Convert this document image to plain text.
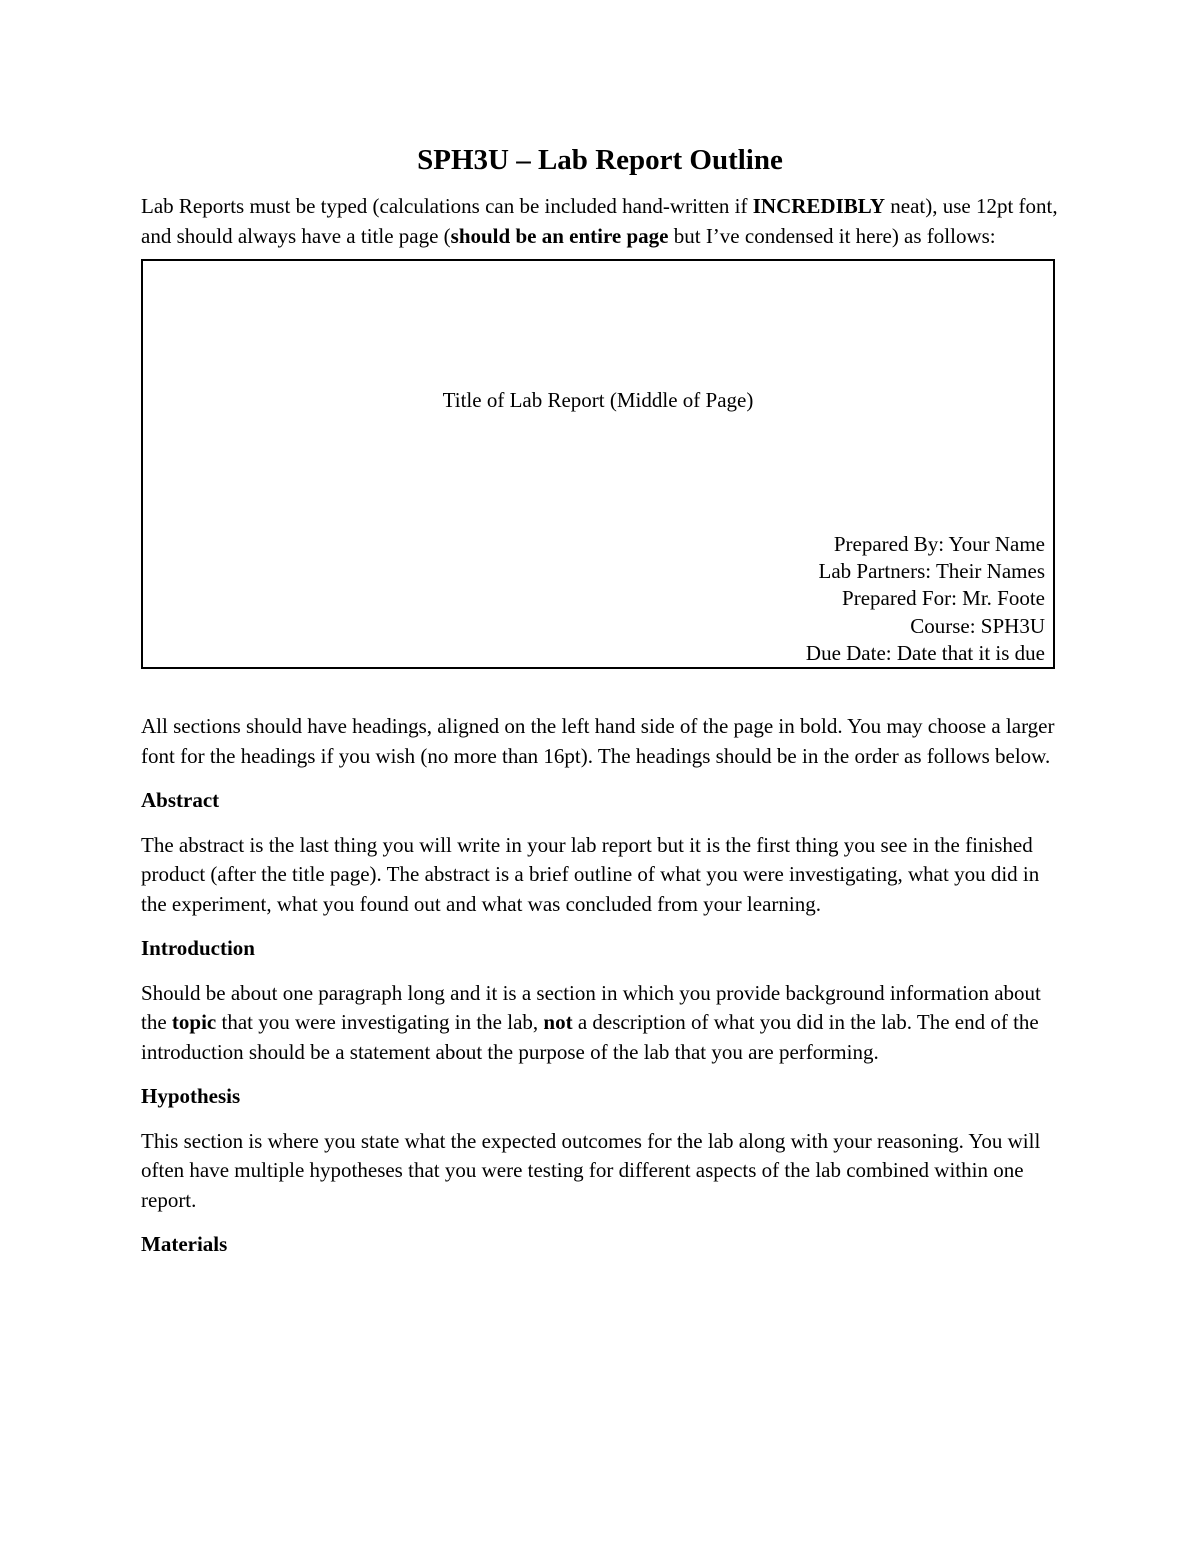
SPH3U – Lab Report Outline

Lab Reports must be typed (calculations can be included hand-written if INCREDIBLY neat), use 12pt font, and should always have a title page (should be an entire page but I’ve condensed it here) as follows:

Title of Lab Report (Middle of Page)
Prepared By: Your Name
Lab Partners: Their Names
Prepared For: Mr. Foote
Course: SPH3U
Due Date: Date that it is due

All sections should have headings, aligned on the left hand side of the page in bold. You may choose a larger font for the headings if you wish (no more than 16pt). The headings should be in the order as follows below.

Abstract

The abstract is the last thing you will write in your lab report but it is the first thing you see in the finished product (after the title page). The abstract is a brief outline of what you were investigating, what you did in the experiment, what you found out and what was concluded from your learning.

Introduction

Should be about one paragraph long and it is a section in which you provide background information about the topic that you were investigating in the lab, not a description of what you did in the lab. The end of the introduction should be a statement about the purpose of the lab that you are performing.

Hypothesis

This section is where you state what the expected outcomes for the lab along with your reasoning. You will often have multiple hypotheses that you were testing for different aspects of the lab combined within one report.

Materials
